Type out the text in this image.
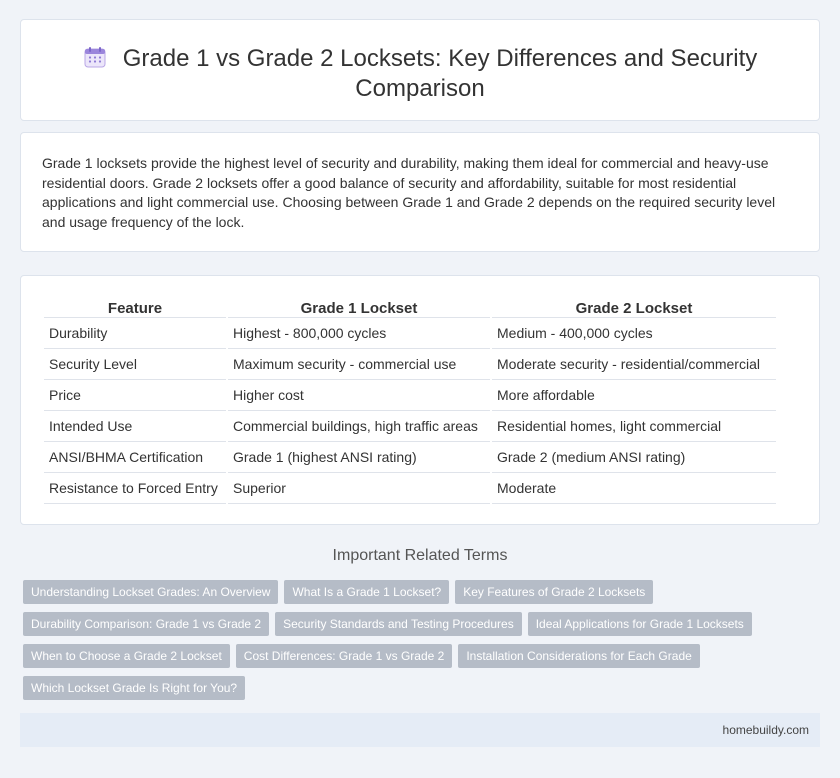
Grade 1 vs Grade 2 Locksets: Key Differences and Security Comparison

Grade 1 locksets provide the highest level of security and durability, making them ideal for commercial and heavy-use residential doors. Grade 2 locksets offer a good balance of security and affordability, suitable for most residential applications and light commercial use. Choosing between Grade 1 and Grade 2 depends on the required security level and usage frequency of the lock.

Feature	Grade 1 Lockset	Grade 2 Lockset
Durability	Highest - 800,000 cycles	Medium - 400,000 cycles
Security Level	Maximum security - commercial use	Moderate security - residential/commercial
Price	Higher cost	More affordable
Intended Use	Commercial buildings, high traffic areas	Residential homes, light commercial
ANSI/BHMA Certification	Grade 1 (highest ANSI rating)	Grade 2 (medium ANSI rating)
Resistance to Forced Entry	Superior	Moderate
Important Related Terms
Understanding Lockset Grades: An Overview What Is a Grade 1 Lockset? Key Features of Grade 2 Locksets
Durability Comparison: Grade 1 vs Grade 2 Security Standards and Testing Procedures Ideal Applications for Grade 1 Locksets
When to Choose a Grade 2 Lockset Cost Differences: Grade 1 vs Grade 2 Installation Considerations for Each Grade
Which Lockset Grade Is Right for You?
homebuildy.com
